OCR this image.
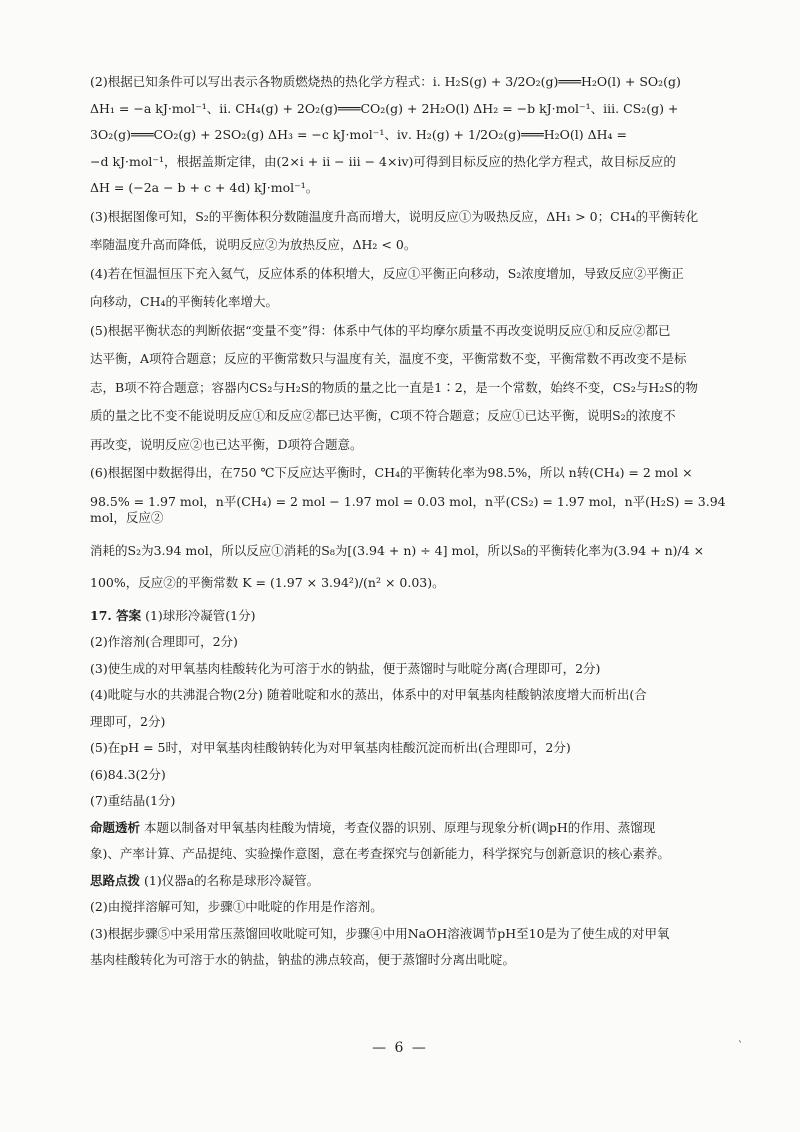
(2)根据已知条件可以写出表示各物质燃烧热的热化学方程式：ⅰ. H₂S(g) + 3/2O₂(g)═══H₂O(l) + SO₂(g)

ΔH₁ = −a kJ·mol⁻¹、ⅱ. CH₄(g) + 2O₂(g)═══CO₂(g) + 2H₂O(l) ΔH₂ = −b kJ·mol⁻¹、ⅲ. CS₂(g) +

3O₂(g)═══CO₂(g) + 2SO₂(g) ΔH₃ = −c kJ·mol⁻¹、ⅳ. H₂(g) + 1/2O₂(g)═══H₂O(l) ΔH₄ =

−d kJ·mol⁻¹，根据盖斯定律，由(2×ⅰ + ⅱ − ⅲ − 4×ⅳ)可得到目标反应的热化学方程式，故目标反应的

ΔH = (−2a − b + c + 4d) kJ·mol⁻¹。

(3)根据图像可知，S₂的平衡体积分数随温度升高而增大，说明反应①为吸热反应，ΔH₁ > 0；CH₄的平衡转化

率随温度升高而降低，说明反应②为放热反应，ΔH₂ < 0。

(4)若在恒温恒压下充入氦气，反应体系的体积增大，反应①平衡正向移动，S₂浓度增加，导致反应②平衡正

向移动，CH₄的平衡转化率增大。

(5)根据平衡状态的判断依据“变量不变”得：体系中气体的平均摩尔质量不再改变说明反应①和反应②都已

达平衡，A项符合题意；反应的平衡常数只与温度有关，温度不变，平衡常数不变，平衡常数不再改变不是标

志，B项不符合题意；容器内CS₂与H₂S的物质的量之比一直是1∶2，是一个常数，始终不变，CS₂与H₂S的物

质的量之比不变不能说明反应①和反应②都已达平衡，C项不符合题意；反应①已达平衡，说明S₂的浓度不

再改变，说明反应②也已达平衡，D项符合题意。

(6)根据图中数据得出，在750 ℃下反应达平衡时，CH₄的平衡转化率为98.5%，所以 n转(CH₄) = 2 mol ×

98.5% = 1.97 mol，n平(CH₄) = 2 mol − 1.97 mol = 0.03 mol，n平(CS₂) = 1.97 mol，n平(H₂S) = 3.94 mol，反应②

消耗的S₂为3.94 mol，所以反应①消耗的S₈为[(3.94 + n) ÷ 4] mol，所以S₈的平衡转化率为(3.94 + n)/4 ×

100%，反应②的平衡常数 K = (1.97 × 3.94²)/(n² × 0.03)。

17. 答案 (1)球形冷凝管(1分)

(2)作溶剂(合理即可，2分)

(3)使生成的对甲氧基肉桂酸转化为可溶于水的钠盐，便于蒸馏时与吡啶分离(合理即可，2分)

(4)吡啶与水的共沸混合物(2分) 随着吡啶和水的蒸出，体系中的对甲氧基肉桂酸钠浓度增大而析出(合

理即可，2分)

(5)在pH = 5时，对甲氧基肉桂酸钠转化为对甲氧基肉桂酸沉淀而析出(合理即可，2分)

(6)84.3(2分)

(7)重结晶(1分)

命题透析 本题以制备对甲氧基肉桂酸为情境，考查仪器的识别、原理与现象分析(调pH的作用、蒸馏现

象)、产率计算、产品提纯、实验操作意图，意在考查探究与创新能力，科学探究与创新意识的核心素养。

思路点拨 (1)仪器a的名称是球形冷凝管。

(2)由搅拌溶解可知，步骤①中吡啶的作用是作溶剂。

(3)根据步骤⑤中采用常压蒸馏回收吡啶可知，步骤④中用NaOH溶液调节pH至10是为了使生成的对甲氧

基肉桂酸转化为可溶于水的钠盐，钠盐的沸点较高，便于蒸馏时分离出吡啶。

— 6 —	`
